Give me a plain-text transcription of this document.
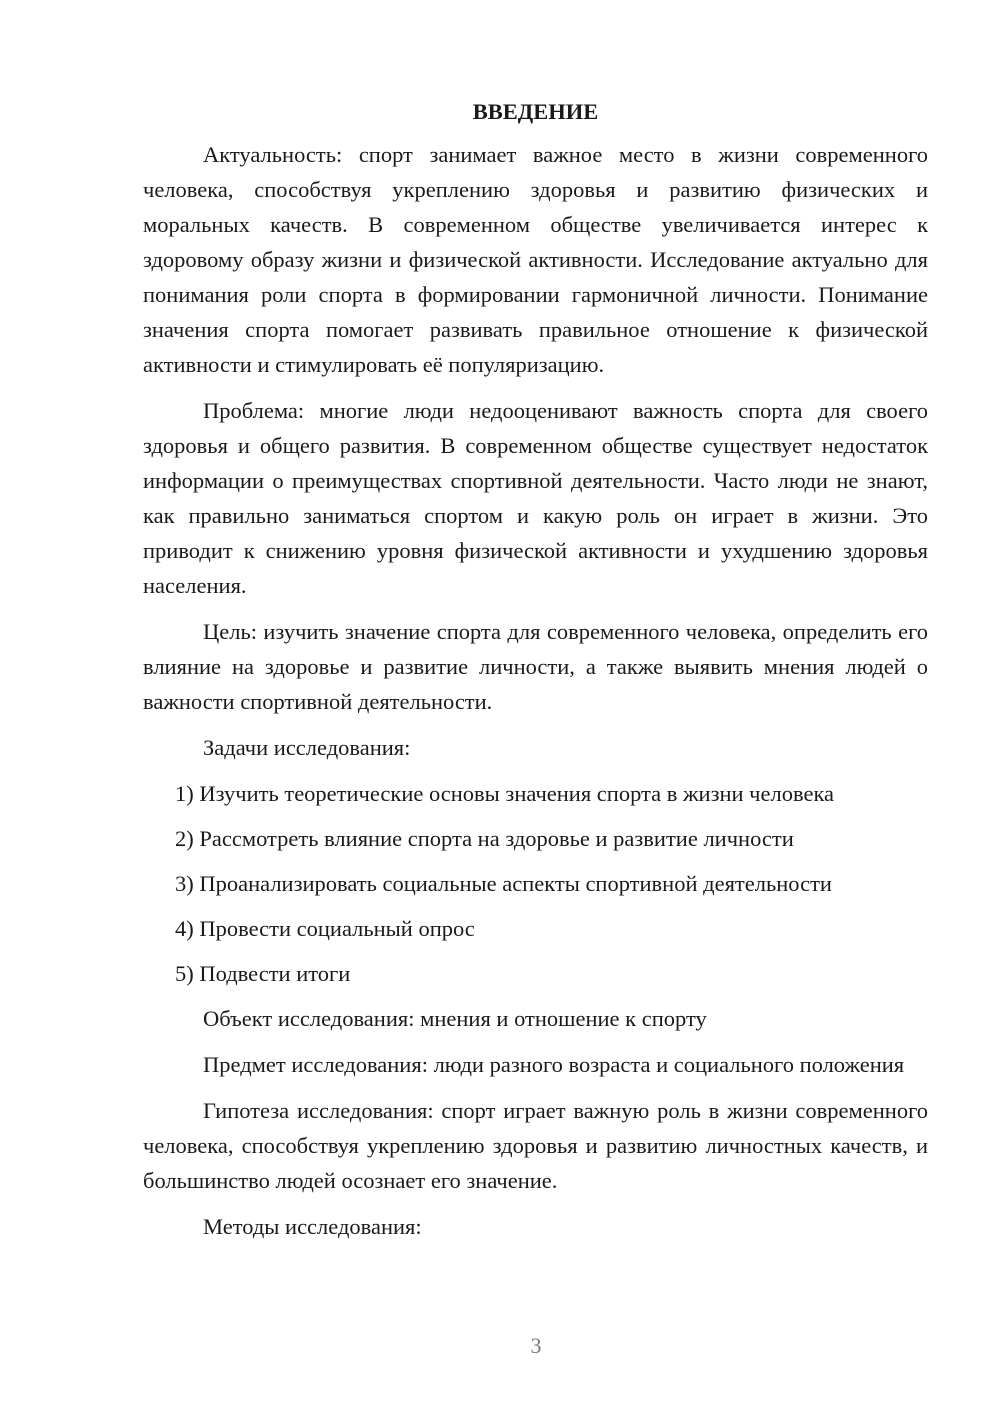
ВВЕДЕНИЕ

Актуальность: спорт занимает важное место в жизни современного человека, способствуя укреплению здоровья и развитию физических и моральных качеств. В современном обществе увеличивается интерес к здоровому образу жизни и физической активности. Исследование актуально для понимания роли спорта в формировании гармоничной личности. Понимание значения спорта помогает развивать правильное отношение к физической активности и стимулировать её популяризацию.

Проблема: многие люди недооценивают важность спорта для своего здоровья и общего развития. В современном обществе существует недостаток информации о преимуществах спортивной деятельности. Часто люди не знают, как правильно заниматься спортом и какую роль он играет в жизни. Это приводит к снижению уровня физической активности и ухудшению здоровья населения.

Цель: изучить значение спорта для современного человека, определить его влияние на здоровье и развитие личности, а также выявить мнения людей о важности спортивной деятельности.

Задачи исследования:

1) Изучить теоретические основы значения спорта в жизни человека
2) Рассмотреть влияние спорта на здоровье и развитие личности
3) Проанализировать социальные аспекты спортивной деятельности
4) Провести социальный опрос
5) Подвести итоги

Объект исследования: мнения и отношение к спорту

Предмет исследования: люди разного возраста и социального положения

Гипотеза исследования: спорт играет важную роль в жизни современного человека, способствуя укреплению здоровья и развитию личностных качеств, и большинство людей осознает его значение.

Методы исследования:

3
